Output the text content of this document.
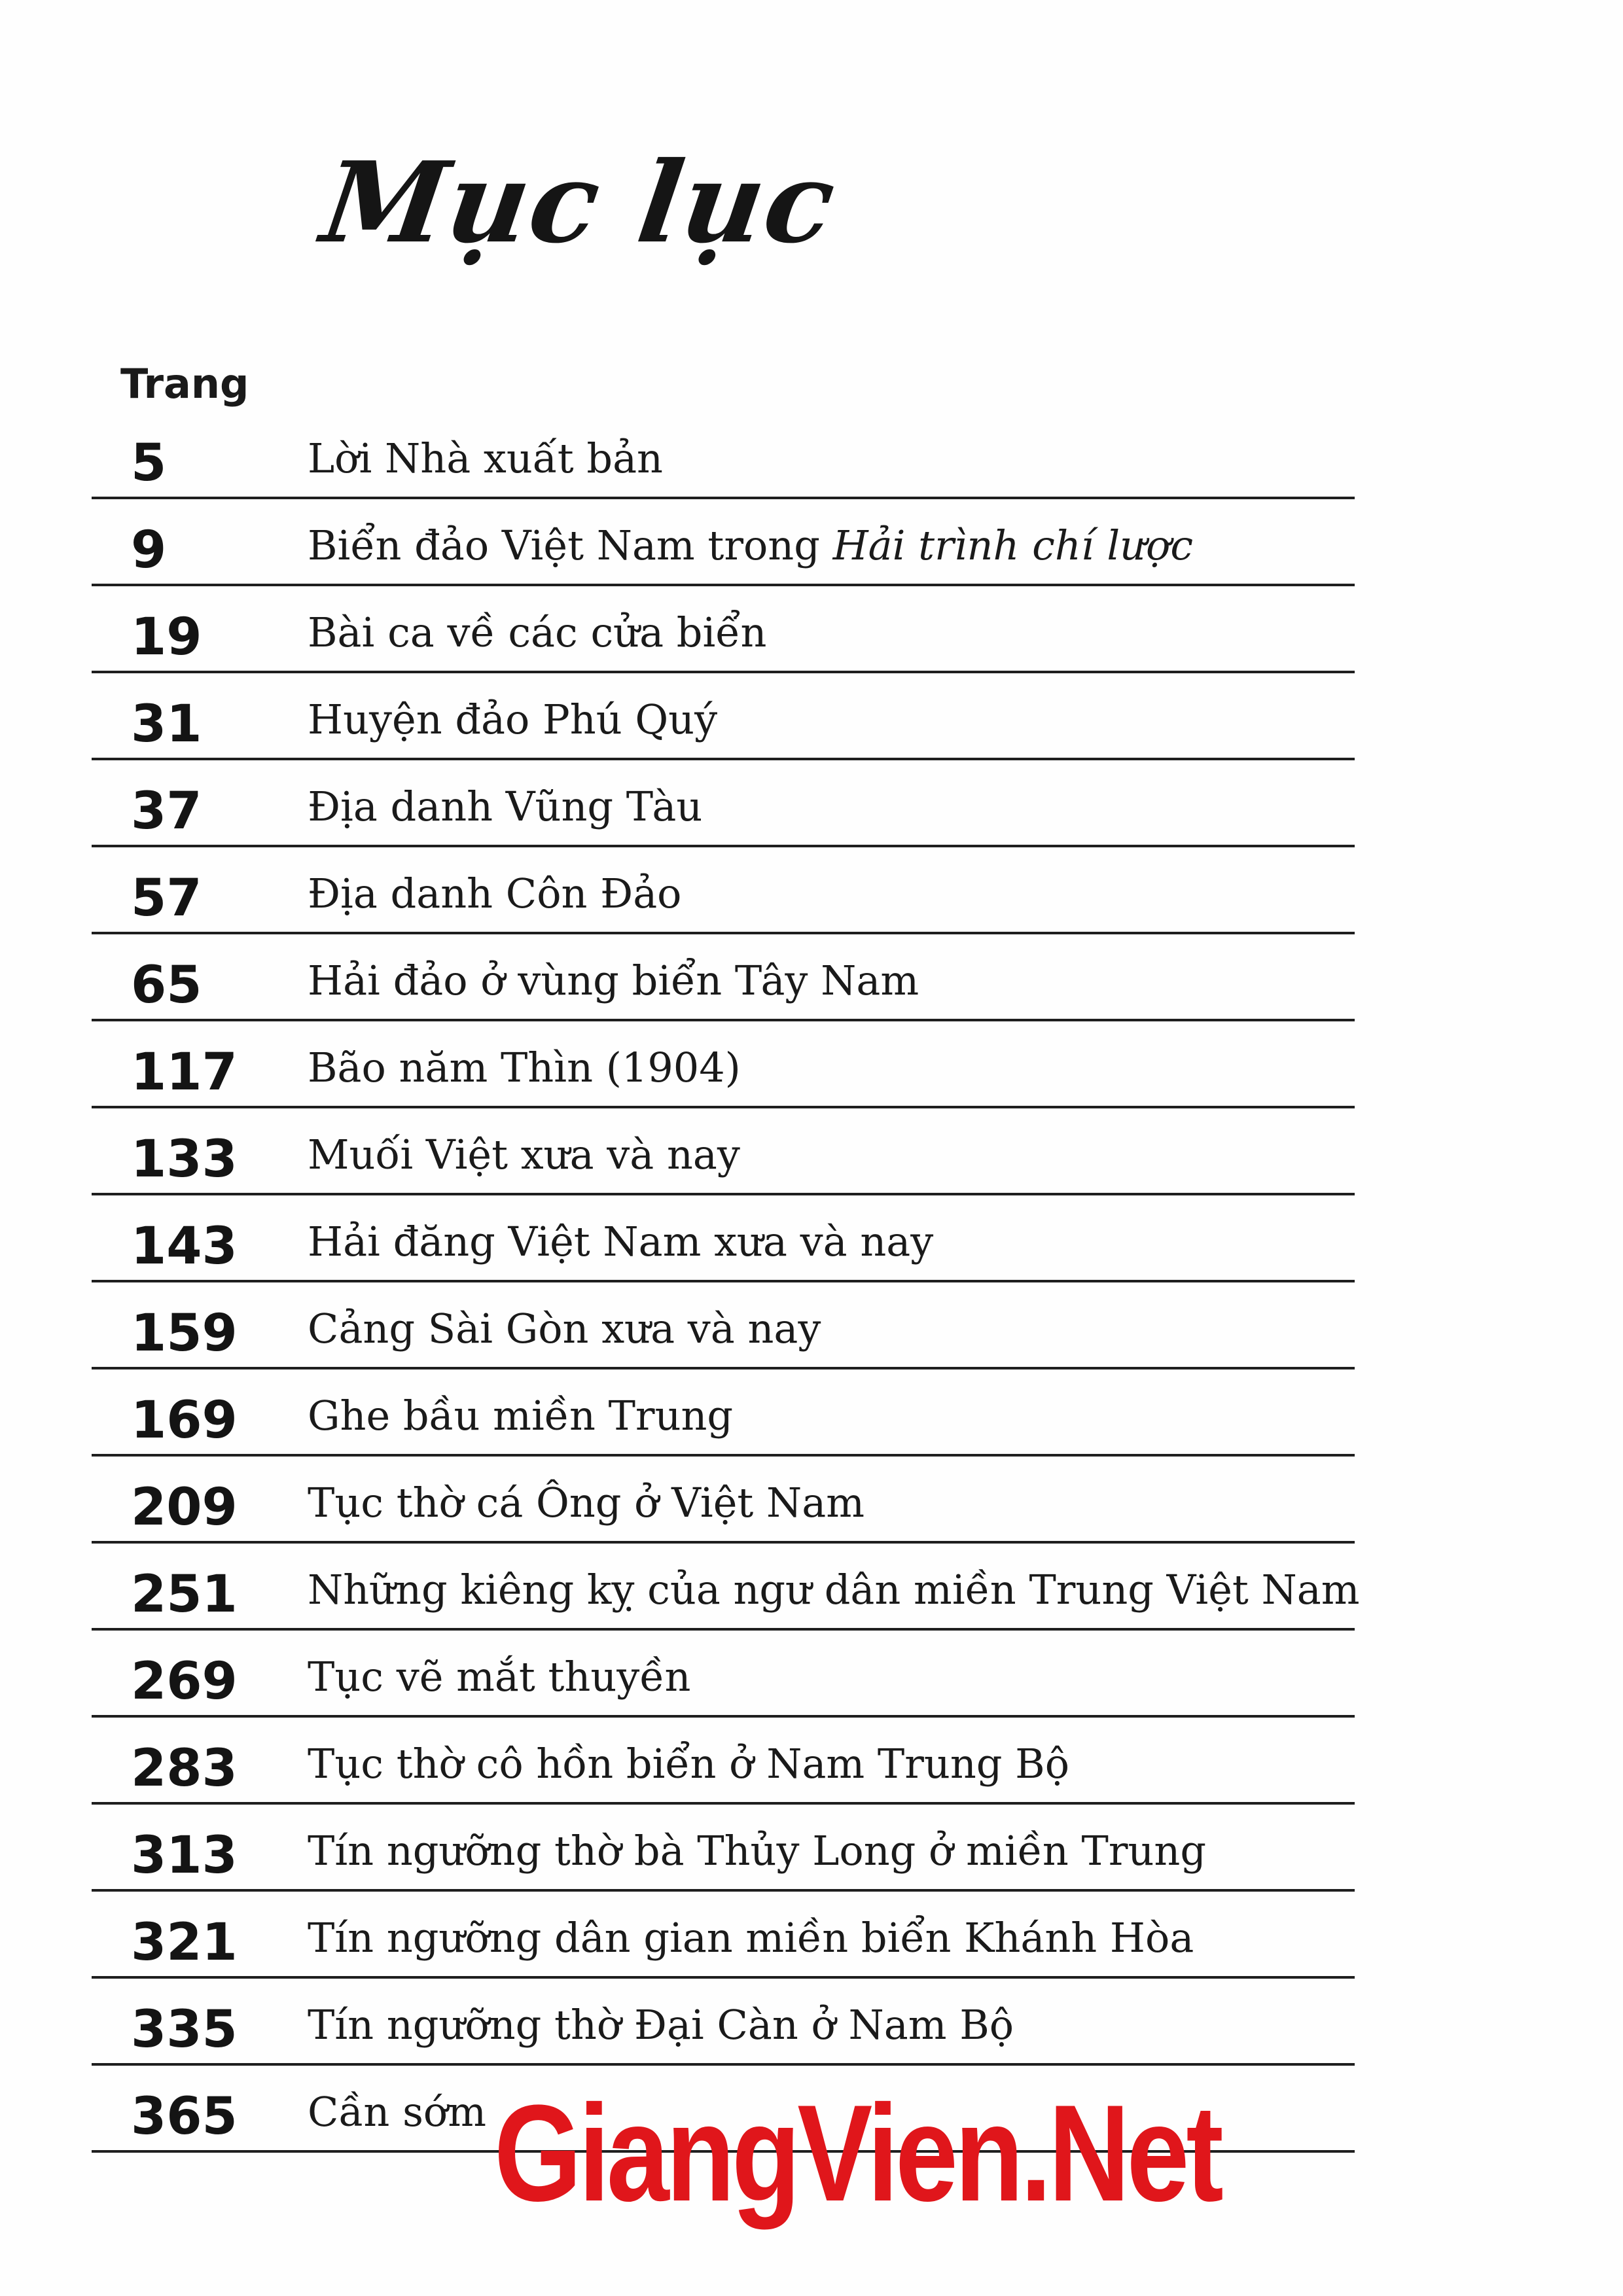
Mục lục
Trang
5	Lời Nhà xuất bản
9	Biển đảo Việt Nam trong Hải trình chí lược
19	Bài ca về các cửa biển
31	Huyện đảo Phú Quý
37	Địa danh Vũng Tàu
57	Địa danh Côn Đảo
65	Hải đảo ở vùng biển Tây Nam
117	Bão năm Thìn (1904)
133	Muối Việt xưa và nay
143	Hải đăng Việt Nam xưa và nay
159	Cảng Sài Gòn xưa và nay
169	Ghe bầu miền Trung
209	Tục thờ cá Ông ở Việt Nam
251	Những kiêng kỵ của ngư dân miền Trung Việt Nam
269	Tục vẽ mắt thuyền
283	Tục thờ cô hồn biển ở Nam Trung Bộ
313	Tín ngưỡng thờ bà Thủy Long ở miền Trung
321	Tín ngưỡng dân gian miền biển Khánh Hòa
335	Tín ngưỡng thờ Đại Càn ở Nam Bộ
365	Cần sớm GiangVien.Net
